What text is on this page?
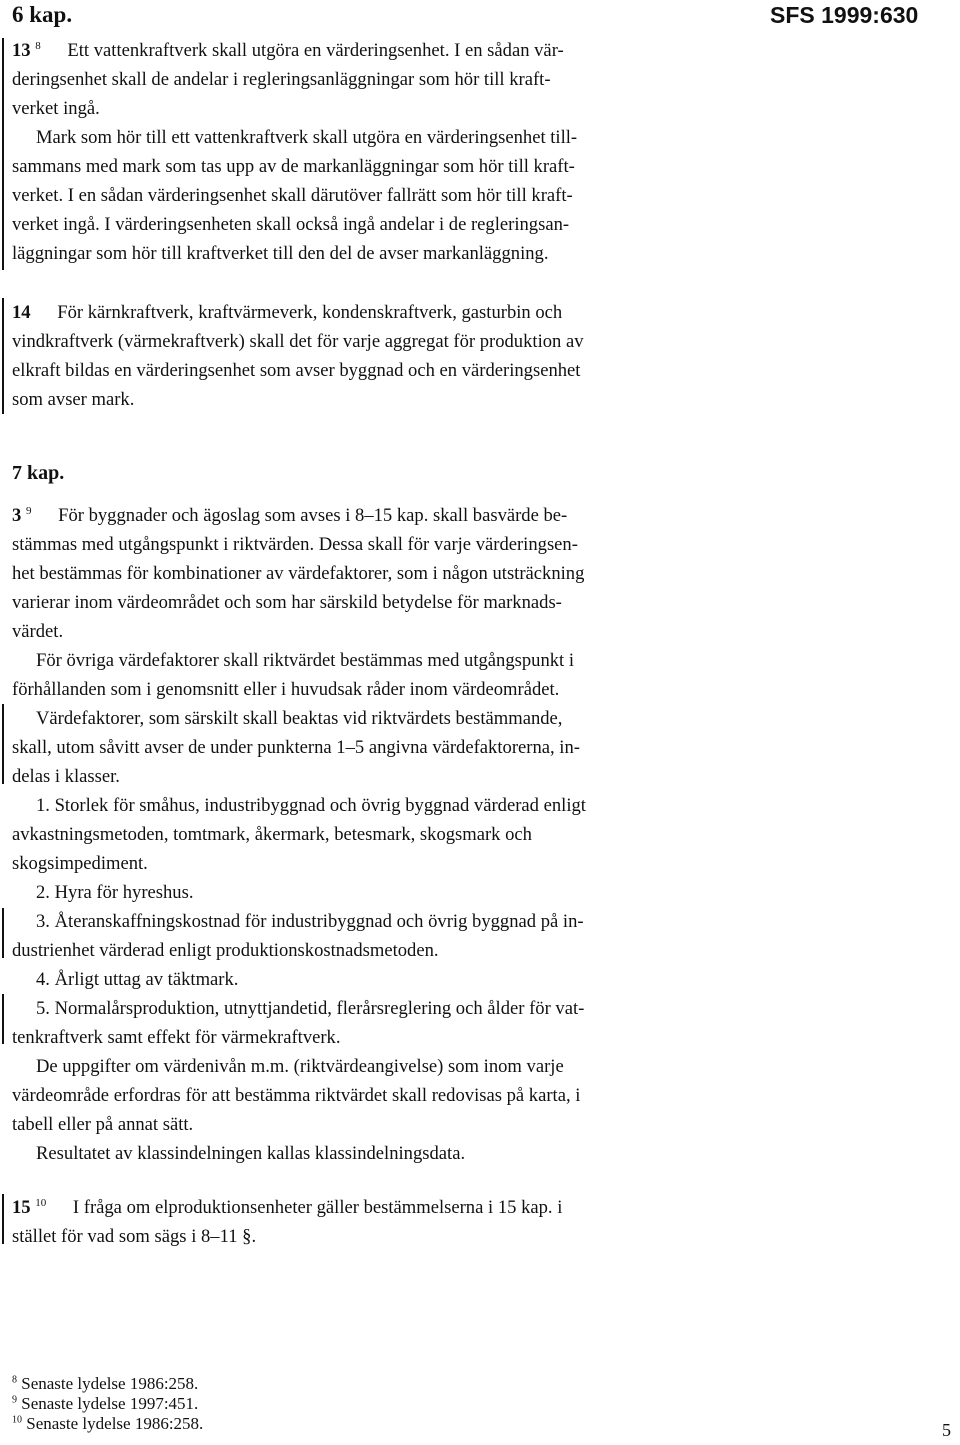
6 kap.	SFS 1999:630

13 $^8$ Ett vattenkraftverk skall utgöra en värderingsenhet. I en sådan vär-
deringsenhet skall de andelar i regleringsanläggningar som hör till kraft-
verket ingå.

Mark som hör till ett vattenkraftverk skall utgöra en värderingsenhet till-
sammans med mark som tas upp av de markanläggningar som hör till kraft-
verket. I en sådan värderingsenhet skall därutöver fallrätt som hör till kraft-
verket ingå. I värderingsenheten skall också ingå andelar i de regleringsan-
läggningar som hör till kraftverket till den del de avser markanläggning.

14 För kärnkraftverk, kraftvärmeverk, kondenskraftverk, gasturbin och
vindkraftverk (värmekraftverk) skall det för varje aggregat för produktion av
elkraft bildas en värderingsenhet som avser byggnad och en värderingsenhet
som avser mark.

7 kap.

3 $^9$ För byggnader och ägoslag som avses i 8–15 kap. skall basvärde be-
stämmas med utgångspunkt i riktvärden. Dessa skall för varje värderingsen-
het bestämmas för kombinationer av värdefaktorer, som i någon utsträckning
varierar inom värdeområdet och som har särskild betydelse för marknads-
värdet.

För övriga värdefaktorer skall riktvärdet bestämmas med utgångspunkt i
förhållanden som i genomsnitt eller i huvudsak råder inom värdeområdet.

Värdefaktorer, som särskilt skall beaktas vid riktvärdets bestämmande,
skall, utom såvitt avser de under punkterna 1–5 angivna värdefaktorerna, in-
delas i klasser.

1. Storlek för småhus, industribyggnad och övrig byggnad värderad enligt
avkastningsmetoden, tomtmark, åkermark, betesmark, skogsmark och
skogsimpediment.

2. Hyra för hyreshus.

3. Återanskaffningskostnad för industribyggnad och övrig byggnad på in-
dustrienhet värderad enligt produktionskostnadsmetoden.

4. Årligt uttag av täktmark.

5. Normalårsproduktion, utnyttjandetid, flerårsreglering och ålder för vat-
tenkraftverk samt effekt för värmekraftverk.

De uppgifter om värdenivån m.m. (riktvärdeangivelse) som inom varje
värdeområde erfordras för att bestämma riktvärdet skall redovisas på karta, i
tabell eller på annat sätt.

Resultatet av klassindelningen kallas klassindelningsdata.

15 $^{10}$ I fråga om elproduktionsenheter gäller bestämmelserna i 15 kap. i
stället för vad som sägs i 8–11 §.

$^8$ Senaste lydelse 1986:258.
$^9$ Senaste lydelse 1997:451.
$^{10}$ Senaste lydelse 1986:258.	5
